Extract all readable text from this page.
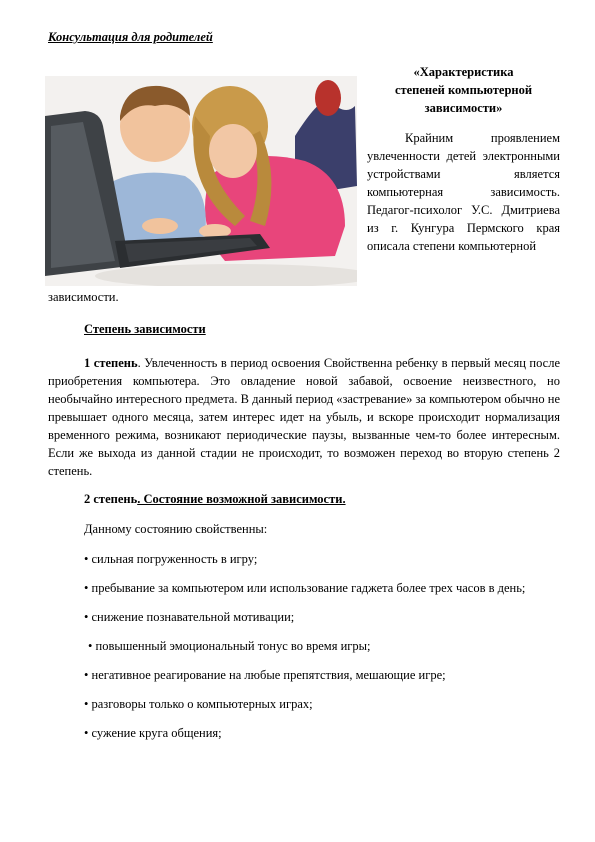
Консультация для родителей
«Характеристика
степеней компьютерной
зависимости»

Крайним проявлением увлеченности детей электронными устройствами является компьютерная зависимость. Педагог-психолог У.С. Дмитриева из г. Кунгура Пермского края описала степени компьютерной

зависимости.

Степень зависимости

1 степень. Увлеченность в период освоения Свойственна ребенку в первый месяц после приобретения компьютера. Это овладение новой забавой, освоение неизвестного, но необычайно интересного предмета. В данный период «застревание» за компьютером обычно не превышает одного месяца, затем интерес идет на убыль, и вскоре происходит нормализация временного режима, возникают периодические паузы, вызванные чем-то более интересным. Если же выхода из данной стадии не происходит, то возможен переход во вторую степень 2 степень.

2 степень. Состояние возможной зависимости.

Данному состоянию свойственны:

• сильная погруженность в игру;

• пребывание за компьютером или использование гаджета более трех часов в день;

• снижение познавательной мотивации;

• повышенный эмоциональный тонус во время игры;

• негативное реагирование на любые препятствия, мешающие игре;

• разговоры только о компьютерных играх;

• сужение круга общения;
